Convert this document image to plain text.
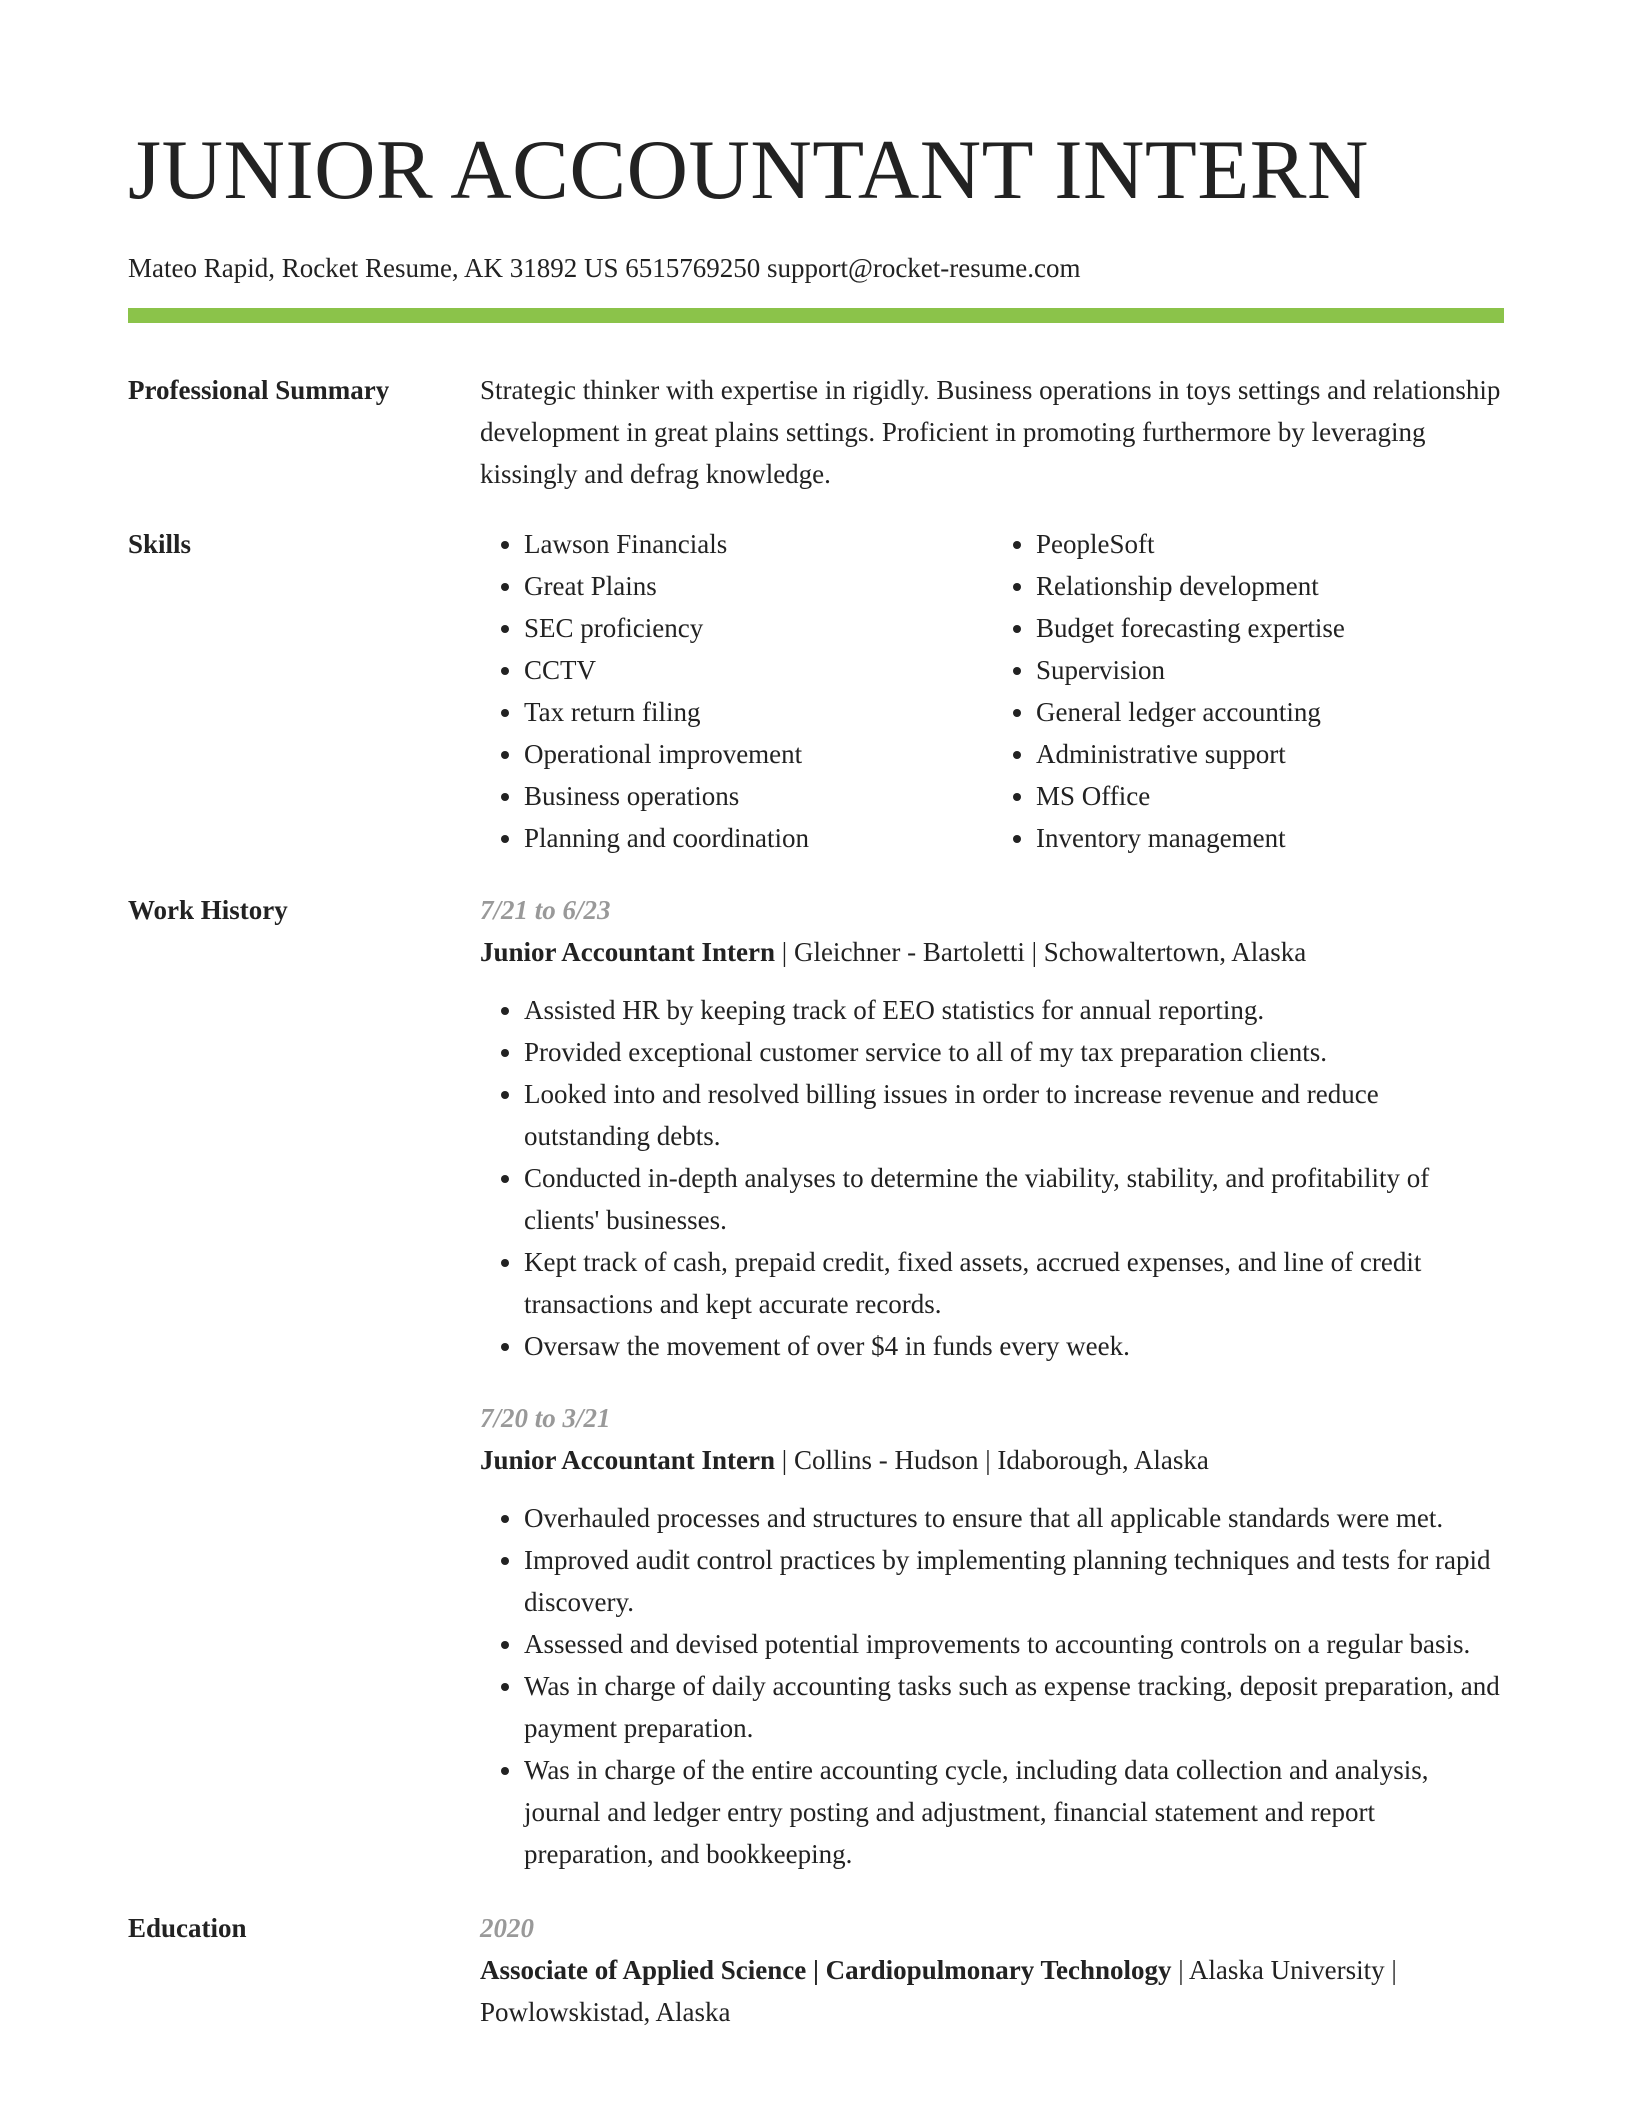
JUNIOR ACCOUNTANT INTERN
Mateo Rapid, Rocket Resume, AK 31892 US 6515769250 support@rocket-resume.com
Professional Summary	Strategic thinker with expertise in rigidly. Business operations in toys settings and relationship development in great plains settings. Proficient in promoting furthermore by leveraging kissingly and defrag knowledge.
Skills
•	Lawson Financials
• Great Plains
• SEC proficiency
• CCTV
• Tax return filing
• Operational improvement
• Business operations
• Planning and coordination
• PeopleSoft
• Relationship development
• Budget forecasting expertise
• Supervision
• General ledger accounting
• Administrative support
• MS Office
• Inventory management
Work History	7/21 to 6/23
Junior Accountant Intern | Gleichner - Bartoletti | Schowaltertown, Alaska
• Assisted HR by keeping track of EEO statistics for annual reporting.
• Provided exceptional customer service to all of my tax preparation clients.
• Looked into and resolved billing issues in order to increase revenue and reduce outstanding debts.
• Conducted in-depth analyses to determine the viability, stability, and profitability of clients' businesses.
• Kept track of cash, prepaid credit, fixed assets, accrued expenses, and line of credit transactions and kept accurate records.
• Oversaw the movement of over $4 in funds every week.
7/20 to 3/21
Junior Accountant Intern | Collins - Hudson | Idaborough, Alaska
• Overhauled processes and structures to ensure that all applicable standards were met.
• Improved audit control practices by implementing planning techniques and tests for rapid discovery.
• Assessed and devised potential improvements to accounting controls on a regular basis.
• Was in charge of daily accounting tasks such as expense tracking, deposit preparation, and payment preparation.
• Was in charge of the entire accounting cycle, including data collection and analysis, journal and ledger entry posting and adjustment, financial statement and report preparation, and bookkeeping.
Education	2020
Associate of Applied Science | Cardiopulmonary Technology | Alaska University | Powlowskistad, Alaska
